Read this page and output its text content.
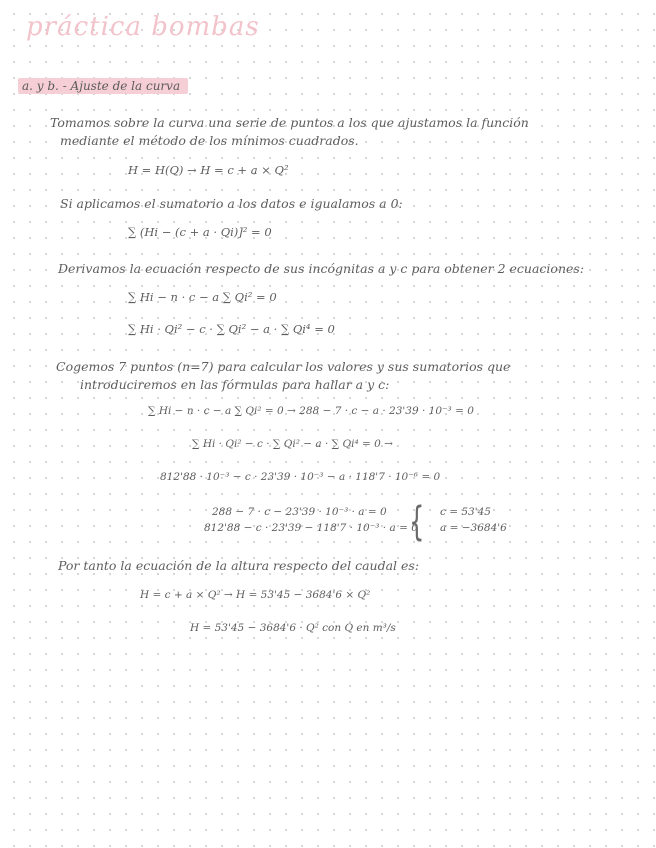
práctica bombas
a. y b. - Ajuste de la curva
Tomamos sobre la curva una serie de puntos a los que ajustamos la función
mediante el método de los mínimos cuadrados.
H = H(Q) → H = c + a × Q²
Si aplicamos el sumatorio a los datos e igualamos a 0:
∑ (Hi − (c + a · Qi)]² = 0
Derivamos la ecuación respecto de sus incógnitas a y c para obtener 2 ecuaciones:
∑ Hi − n · c − a ∑ Qi² = 0
∑ Hi · Qi² − c · ∑ Qi² − a · ∑ Qi⁴ = 0
Cogemos 7 puntos (n=7) para calcular los valores y sus sumatorios que
introduciremos en las fórmulas para hallar a y c:
∑ Hi − n · c − a ∑ Qi² = 0 → 288 − 7 · c − a · 23'39 · 10⁻³ = 0
∑ Hi · Qi² − c · ∑ Qi² − a · ∑ Qi⁴ = 0 →
812'88 · 10⁻³ − c · 23'39 · 10⁻³ − a · 118'7 · 10⁻⁶ = 0
288 − 7 · c − 23'39 · 10⁻³ · a = 0
812'88 − c · 23'39 − 118'7 · 10⁻³ · a = 0
{ c = 53'45
a = −3684'6
Por tanto la ecuación de la altura respecto del caudal es:
H = c + a × Q² → H = 53'45 − 3684'6 × Q²
H = 53'45 − 3684'6 · Q² con Q en m³/s
